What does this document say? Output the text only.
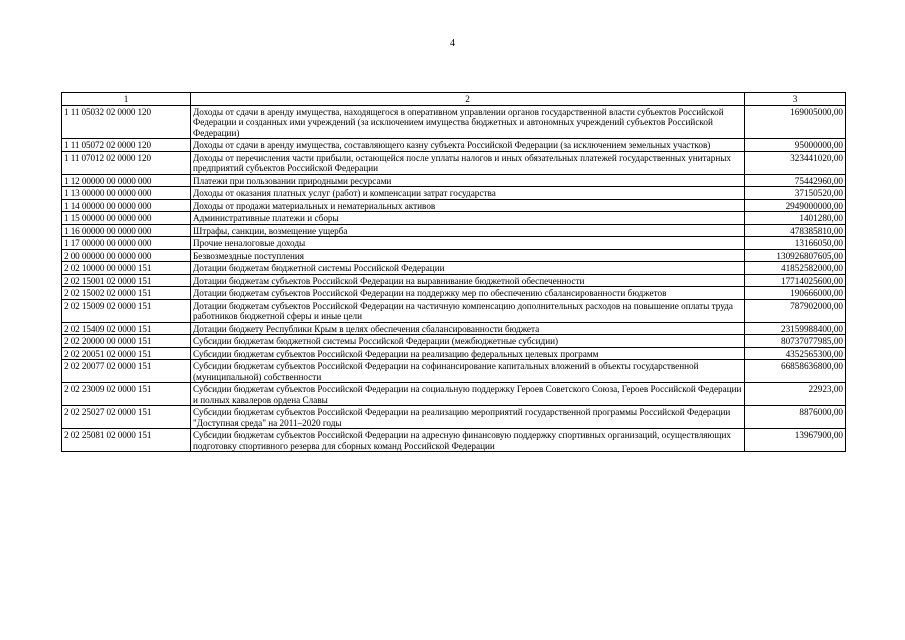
4
1	2	3
1 11 05032 02 0000 120	Доходы от сдачи в аренду имущества, находящегося в оперативном управлении органов государственной власти субъектов Российской Федерации и созданных ими учреждений (за исключением имущества бюджетных и автономных учреждений субъектов Российской Федерации)	169005000,00
1 11 05072 02 0000 120	Доходы от сдачи в аренду имущества, составляющего казну субъекта Российской Федерации (за исключением земельных участков)	95000000,00
1 11 07012 02 0000 120	Доходы от перечисления части прибыли, остающейся после уплаты налогов и иных обязательных платежей государственных унитарных предприятий субъектов Российской Федерации	323441020,00
1 12 00000 00 0000 000	Платежи при пользовании природными ресурсами	75442960,00
1 13 00000 00 0000 000	Доходы от оказания платных услуг (работ) и компенсации затрат государства	37150520,00
1 14 00000 00 0000 000	Доходы от продажи материальных и нематериальных активов	2949000000,00
1 15 00000 00 0000 000	Административные платежи и сборы	1401280,00
1 16 00000 00 0000 000	Штрафы, санкции, возмещение ущерба	478385810,00
1 17 00000 00 0000 000	Прочие неналоговые доходы	13166050,00
2 00 00000 00 0000 000	Безвозмездные поступления	130926807605,00
2 02 10000 00 0000 151	Дотации бюджетам бюджетной системы Российской Федерации	41852582000,00
2 02 15001 02 0000 151	Дотации бюджетам субъектов Российской Федерации на выравнивание бюджетной обеспеченности	17714025600,00
2 02 15002 02 0000 151	Дотации бюджетам субъектов Российской Федерации на поддержку мер по обеспечению сбалансированности бюджетов	190666000,00
2 02 15009 02 0000 151	Дотации бюджетам субъектов Российской Федерации на частичную компенсацию дополнительных расходов на повышение оплаты труда работников бюджетной сферы и иные цели	787902000,00
2 02 15409 02 0000 151	Дотации бюджету Республики Крым в целях обеспечения сбалансированности бюджета	23159988400,00
2 02 20000 00 0000 151	Субсидии бюджетам бюджетной системы Российской Федерации (межбюджетные субсидии)	80737077985,00
2 02 20051 02 0000 151	Субсидии бюджетам субъектов Российской Федерации на реализацию федеральных целевых программ	4352565300,00
2 02 20077 02 0000 151	Субсидии бюджетам субъектов Российской Федерации на софинансирование капитальных вложений в объекты государственной (муниципальной) собственности	66858636800,00
2 02 23009 02 0000 151	Субсидии бюджетам субъектов Российской Федерации на социальную поддержку Героев Советского Союза, Героев Российской Федерации и полных кавалеров ордена Славы	22923,00
2 02 25027 02 0000 151	Субсидии бюджетам субъектов Российской Федерации на реализацию мероприятий государственной программы Российской Федерации "Доступная среда" на 2011–2020 годы	8876000,00
2 02 25081 02 0000 151	Субсидии бюджетам субъектов Российской Федерации на адресную финансовую поддержку спортивных организаций, осуществляющих подготовку спортивного резерва для сборных команд Российской Федерации	13967900,00
